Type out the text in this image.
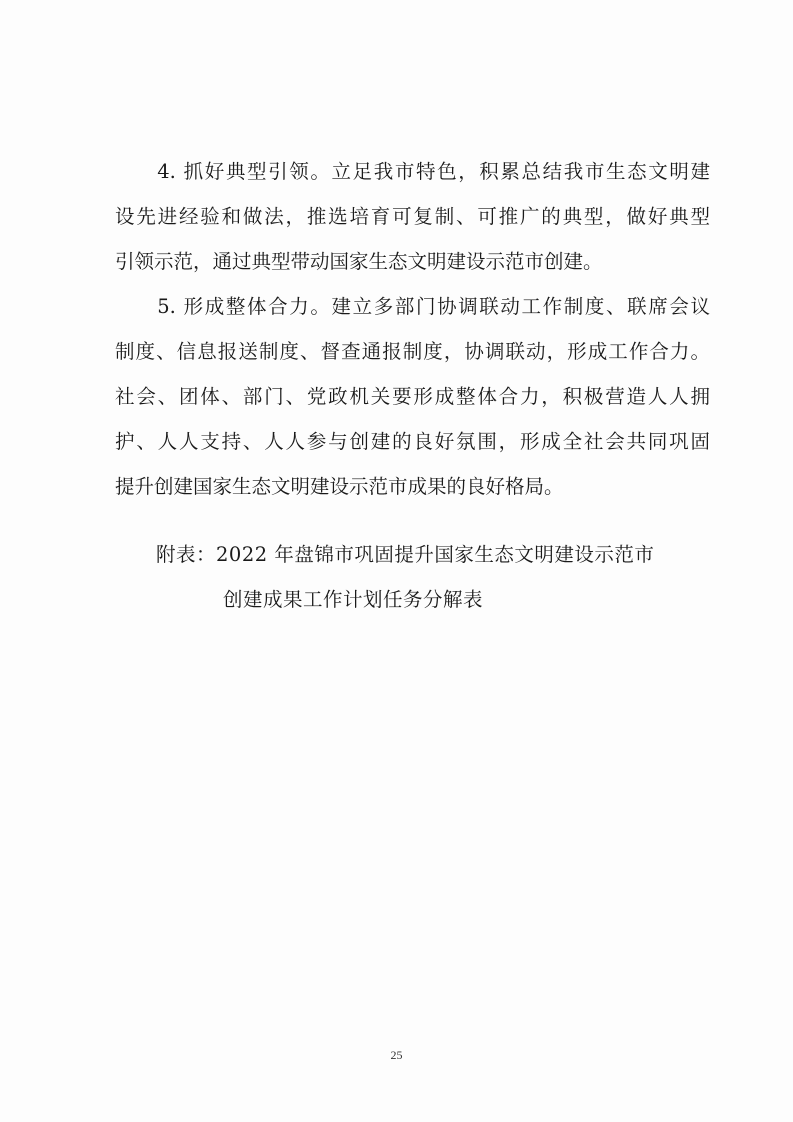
　　4. 抓好典型引领。立足我市特色，积累总结我市生态文明建
设先进经验和做法，推选培育可复制、可推广的典型，做好典型
引领示范，通过典型带动国家生态文明建设示范市创建。
　　5. 形成整体合力。建立多部门协调联动工作制度、联席会议
制度、信息报送制度、督查通报制度，协调联动，形成工作合力。
社会、团体、部门、党政机关要形成整体合力，积极营造人人拥
护、人人支持、人人参与创建的良好氛围，形成全社会共同巩固
提升创建国家生态文明建设示范市成果的良好格局。
附表：2022 年盘锦市巩固提升国家生态文明建设示范市
创建成果工作计划任务分解表
25
